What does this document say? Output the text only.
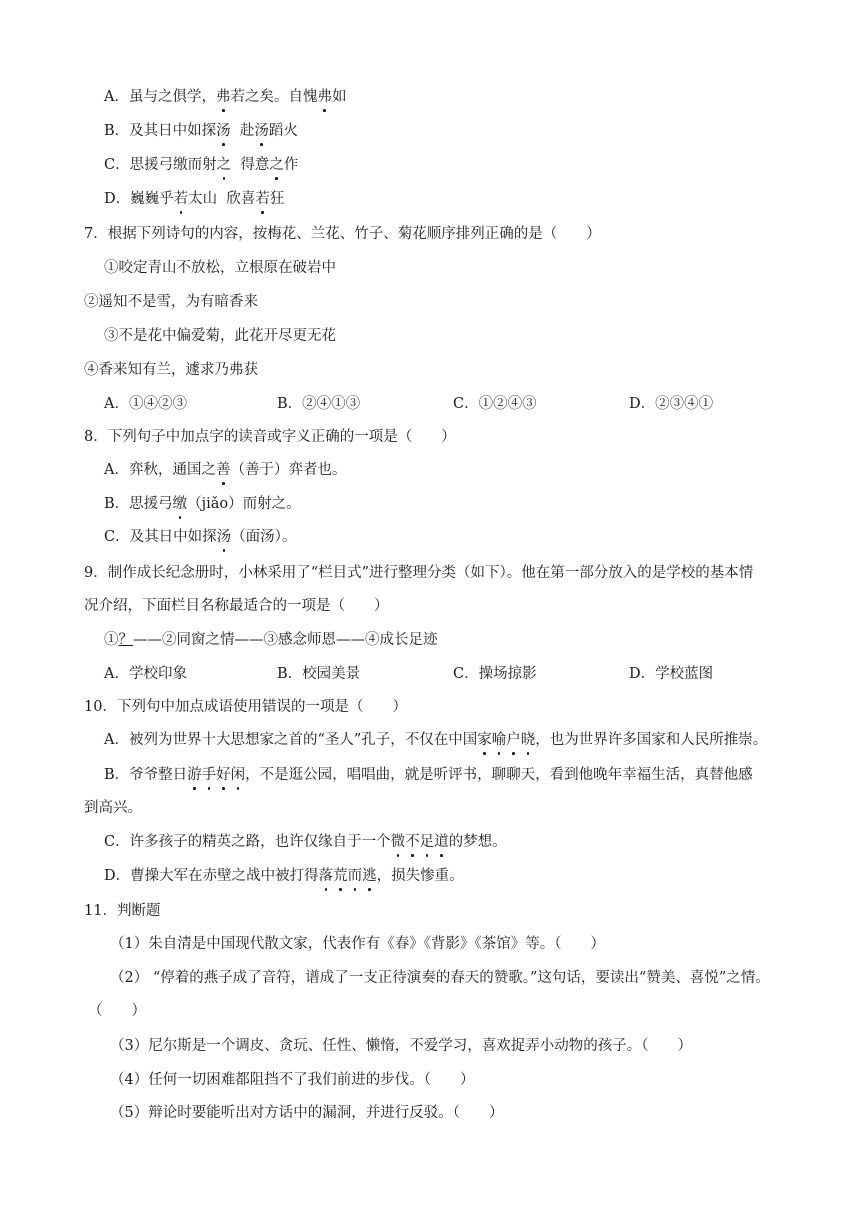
A．虽与之俱学，弗若之矣。自愧弗如
B．及其日中如探汤  赴汤蹈火
C．思援弓缴而射之  得意之作
D．巍巍乎若太山  欣喜若狂
7．根据下列诗句的内容，按梅花、兰花、竹子、菊花顺序排列正确的是（　　）
①咬定青山不放松，立根原在破岩中
②遥知不是雪，为有暗香来
③不是花中偏爱菊，此花开尽更无花
④香来知有兰，遽求乃弗获
A．①④②③	B．②④①③	C．①②④③	D．②③④①
8．下列句子中加点字的读音或字义正确的一项是（　　）
A．弈秋，通国之善（善于）弈者也。
B．思援弓缴（jiǎo）而射之。
C．及其日中如探汤（面汤）。
9．制作成长纪念册时，小林采用了“栏目式”进行整理分类（如下）。他在第一部分放入的是学校的基本情
况介绍，下面栏目名称最适合的一项是（　　）
①？——②同窗之情——③感念师恩——④成长足迹
A．学校印象	B．校园美景	C．操场掠影	D．学校蓝图
10．下列句中加点成语使用错误的一项是（　　）
A．被列为世界十大思想家之首的“圣人”孔子，不仅在中国家喻户晓，也为世界许多国家和人民所推崇。
B．爷爷整日游手好闲，不是逛公园，唱唱曲，就是听评书，聊聊天，看到他晚年幸福生活，真替他感
到高兴。
C．许多孩子的精英之路，也许仅缘自于一个微不足道的梦想。
D．曹操大军在赤壁之战中被打得落荒而逃，损失惨重。
11．判断题
（1）朱自清是中国现代散文家，代表作有《春》《背影》《茶馆》等。（　　）
（2） “停着的燕子成了音符，谱成了一支正待演奏的春天的赞歌。”这句话，要读出“赞美、喜悦”之情。
（　　）
（3）尼尔斯是一个调皮、贪玩、任性、懒惰，不爱学习，喜欢捉弄小动物的孩子。（　　）
（4）任何一切困难都阻挡不了我们前进的步伐。（　　）
（5）辩论时要能听出对方话中的漏洞，并进行反驳。（　　）
